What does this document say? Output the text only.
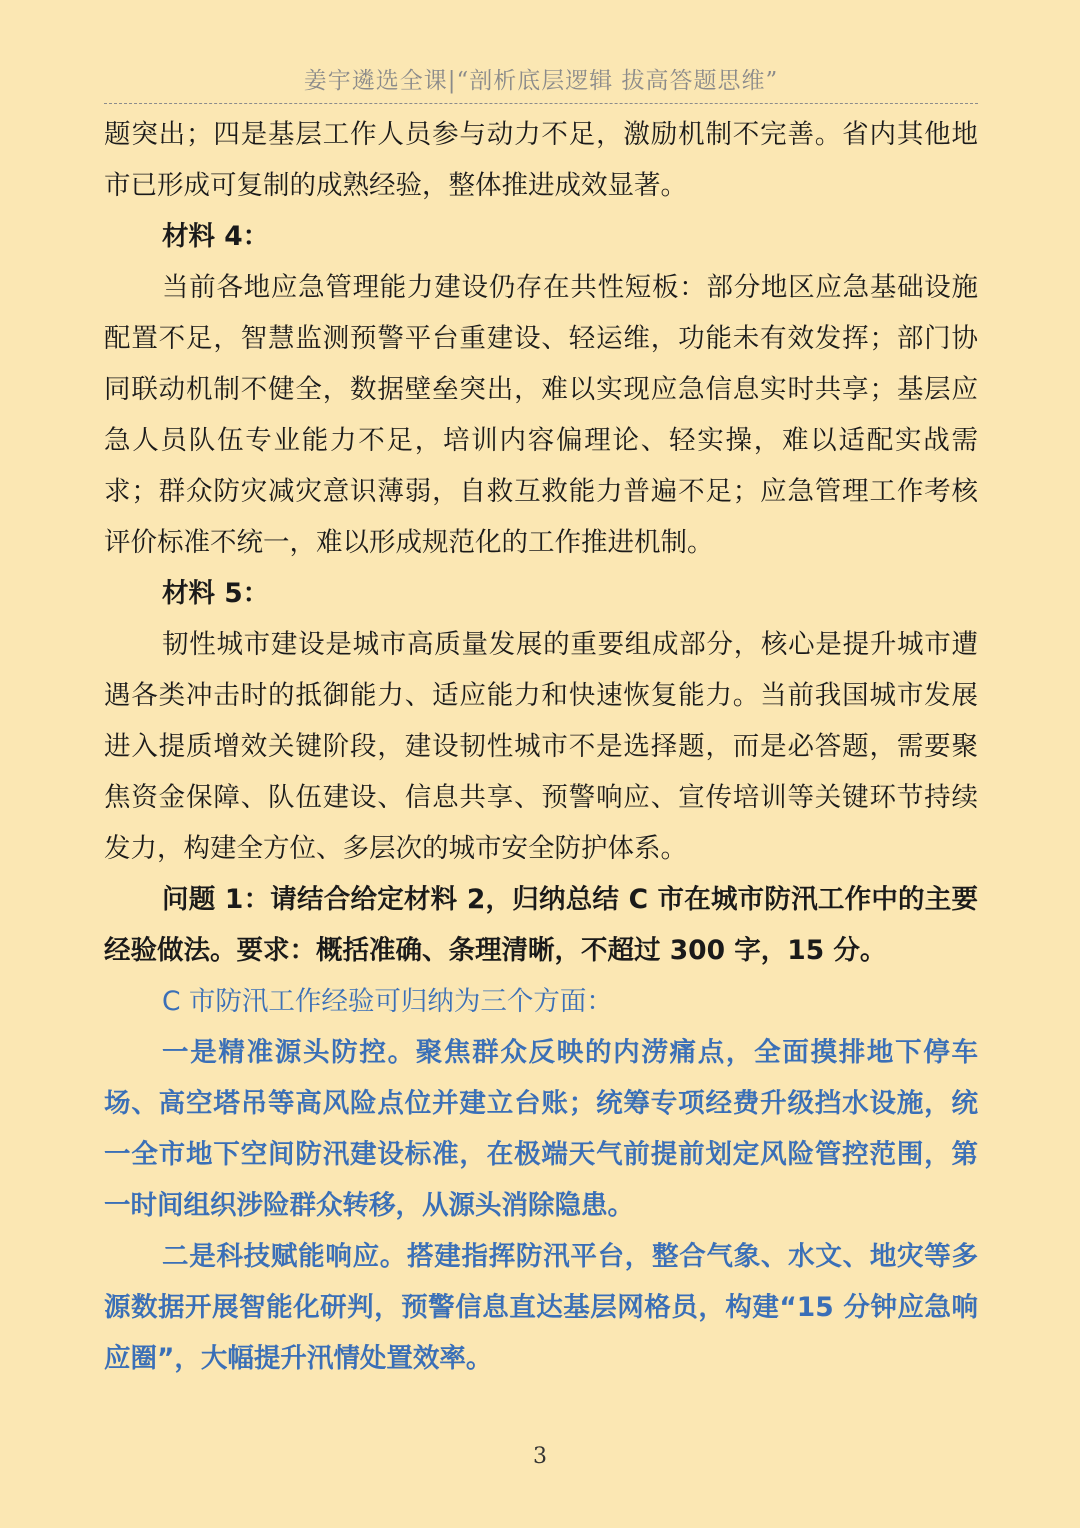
姜宇遴选全课|“剖析底层逻辑 拔高答题思维”

题突出；四是基层工作人员参与动力不足，激励机制不完善。省内其他地市已形成可复制的成熟经验，整体推进成效显著。

材料 4：

当前各地应急管理能力建设仍存在共性短板：部分地区应急基础设施配置不足，智慧监测预警平台重建设、轻运维，功能未有效发挥；部门协同联动机制不健全，数据壁垒突出，难以实现应急信息实时共享；基层应急人员队伍专业能力不足，培训内容偏理论、轻实操，难以适配实战需求；群众防灾减灾意识薄弱，自救互救能力普遍不足；应急管理工作考核评价标准不统一，难以形成规范化的工作推进机制。

材料 5：

韧性城市建设是城市高质量发展的重要组成部分，核心是提升城市遭遇各类冲击时的抵御能力、适应能力和快速恢复能力。当前我国城市发展进入提质增效关键阶段，建设韧性城市不是选择题，而是必答题，需要聚焦资金保障、队伍建设、信息共享、预警响应、宣传培训等关键环节持续发力，构建全方位、多层次的城市安全防护体系。

问题 1：请结合给定材料 2，归纳总结 C 市在城市防汛工作中的主要经验做法。要求：概括准确、条理清晰，不超过 300 字，15 分。

C 市防汛工作经验可归纳为三个方面：

一是精准源头防控。聚焦群众反映的内涝痛点，全面摸排地下停车场、高空塔吊等高风险点位并建立台账；统筹专项经费升级挡水设施，统一全市地下空间防汛建设标准，在极端天气前提前划定风险管控范围，第一时间组织涉险群众转移，从源头消除隐患。

二是科技赋能响应。搭建指挥防汛平台，整合气象、水文、地灾等多源数据开展智能化研判，预警信息直达基层网格员，构建“15 分钟应急响应圈”，大幅提升汛情处置效率。

3
